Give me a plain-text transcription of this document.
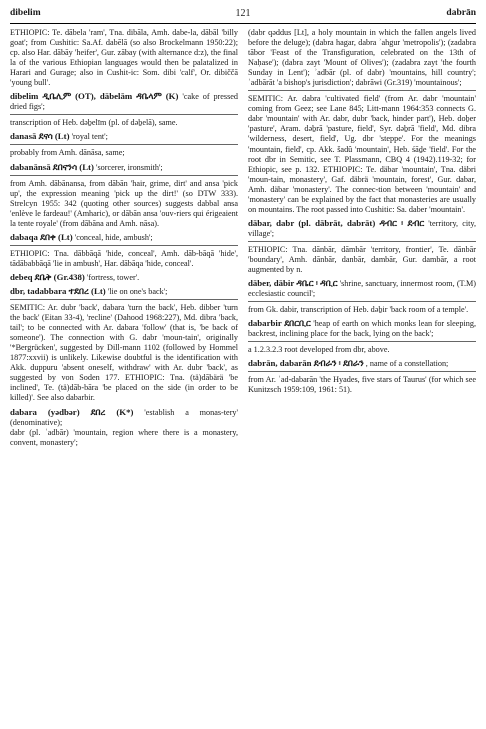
dibelim	121	dabrān

ETHIOPIC: Te. dābela 'ram', Tna. dibāla, Amh. dabe-la, dābāl 'billy goat'; from Cushitic: Sa.Af. dabēlā (so also Brockelmann 1950:22); cp. also Har. dābāy 'heifer', Gur. zābay (with alternance d:z), the final la of the various Ethiopian languages would then be palatalized in Harari and Gurage; also in Cushit-ic: Som. dibi 'calf', Or. dibiččā 'young bull'.

dibelim ዲቤሊም (OT), dābelām ዳቤላም (K) 'cake of pressed dried figs';

transcription of Heb. dǝḇelīm (pl. of dǝḇelā), same.

danasā ደናሳ (Lt) 'royal tent';

probably from Amh. dānāsa, same;

dabanānsā ደበናንሳ (Lt) 'sorcerer, ironsmith';

from Amh. dābānansa, from dābān 'hair, grime, dirt' and ansa 'pick up', the expression meaning 'pick up the dirt!' (so DTW 333). Strelcyn 1955: 342 (quoting other sources) suggests dabbal ansa 'enlève le fardeau!' (Amharic), or dābān ansa 'ouv-riers qui érigeaient la tente royale' (from dābāna and Amh. nāsa).

dabaqa ደበቀ (Lt) 'conceal, hide, ambush';

ETHIOPIC: Tna. dābbāqā 'hide, conceal', Amh. dāb-bāqā 'hide', tādābabbāqā 'lie in ambush', Har. dābāqa 'hide, conceal'.

debeq ደቤቅ (Gr.438) 'fortress, tower'.

dbr, tadabbara ተደበረ (Lt) 'lie on one's back';

SEMITIC: Ar. dubr 'back', dabara 'turn the back', Heb. dibber 'turn the back' (Eitan 33-4), 'recline' (Dahood 1968:227), Md. dibra 'back, tail'; to be connected with Ar. dabara 'follow' (that is, 'be back of someone'). The connection with G. dabr 'moun-tain', originally '*Bergrücken', suggested by Dill-mann 1102 (followed by Hommel 1877:xxvii) is unlikely. Likewise doubtful is the identification with Akk. duppuru 'absent oneself, withdraw' with Ar. dubr 'back', as suggested by von Soden 177. ETHIOPIC: Tna. (tä)dābärä 'be inclined', Te. (tä)dāb-bāra 'be placed on the side (in order to be killed)'. See also dabarbir.

dabara (yədbər) ደበረ (K*) 'establish a monas-tery' (denominative);

dabr (pl. ʾadbār) 'mountain, region where there is a monastery, convent, monastery';

(dabr qǝddus [Lt], a holy mountain in which the fallen angels lived before the deluge); (dabra hagar, dabra ʾahgur 'metropolis'); (zadabra tābor 'Feast of the Transfiguration, celebrated on the 13th of Naḥase'); (dabra zayt 'Mount of Olives'); (zadabra zayt 'the fourth Sunday in Lent'); ʾadbār (pl. of dabr) 'mountains, hill country'; ʾadbārāt 'a bishop's jurisdiction'; dabrāwi (Gr.319) 'mountainous';

SEMITIC: Ar. dabra 'cultivated field' (from Ar. dabr 'mountain' coming from Geez; see Lane 845; Litt-mann 1964:353 connects G. dabr 'mountain' with Ar. dabr, dubr 'back, hinder part'), Heb. doḇer 'pasture', Aram. dǝḇrā 'pasture, field', Syr. dǝḇrā 'field', Md. dibra 'wilderness, desert, field', Ug. dbr 'steppe'. For the meanings 'mountain, field', cp. Akk. šadû 'mountain', Heb. śāḏe 'field'. For the root dbr in Semitic, see T. Plassmann, CBQ 4 (1942).119-32; for Ethiopic, see p. 132. ETHIOPIC: Te. däbar 'mountain', Tna. däbri 'moun-tain, monastery', Gaf. däbrä 'mountain, forest', Gur. dabar, Amh. däbar 'monastery'. The connec-tion between 'mountain' and 'monastery' can be explained by the fact that monasteries are usually on mountains. The root passed into Cushitic: Sa. daber 'mountain'.

dābar, dabr (pl. dābrāt, dabrāt) ዳብር ፡ ደብር 'territory, city, village';

ETHIOPIC: Tna. dānbār, dāmbār 'territory, frontier', Te. dānbār 'boundary', Amh. dānbār, danbār, dambār, Gur. dambār, a root augmented by n.

dāber, dābir ዳቤር ፡ ዳቢር 'shrine, sanctuary, innermost room, (T.M) ecclesiastic council';

from Gk. dabir, transcription of Heb. dǝḇir 'back room of a temple'.

dabarbir ደበርቢር 'heap of earth on which monks lean for sleeping, backrest, inclining place for the back, lying on the back';

a 1.2.3.2.3 root developed from dbr, above.

dabrān, dabarān ደብራን ፡ ደበራን , name of a constellation;

from Ar. ʾad-dabarān 'the Hyades, five stars of Taurus' (for which see Kunitzsch 1959:109, 1961: 51).
